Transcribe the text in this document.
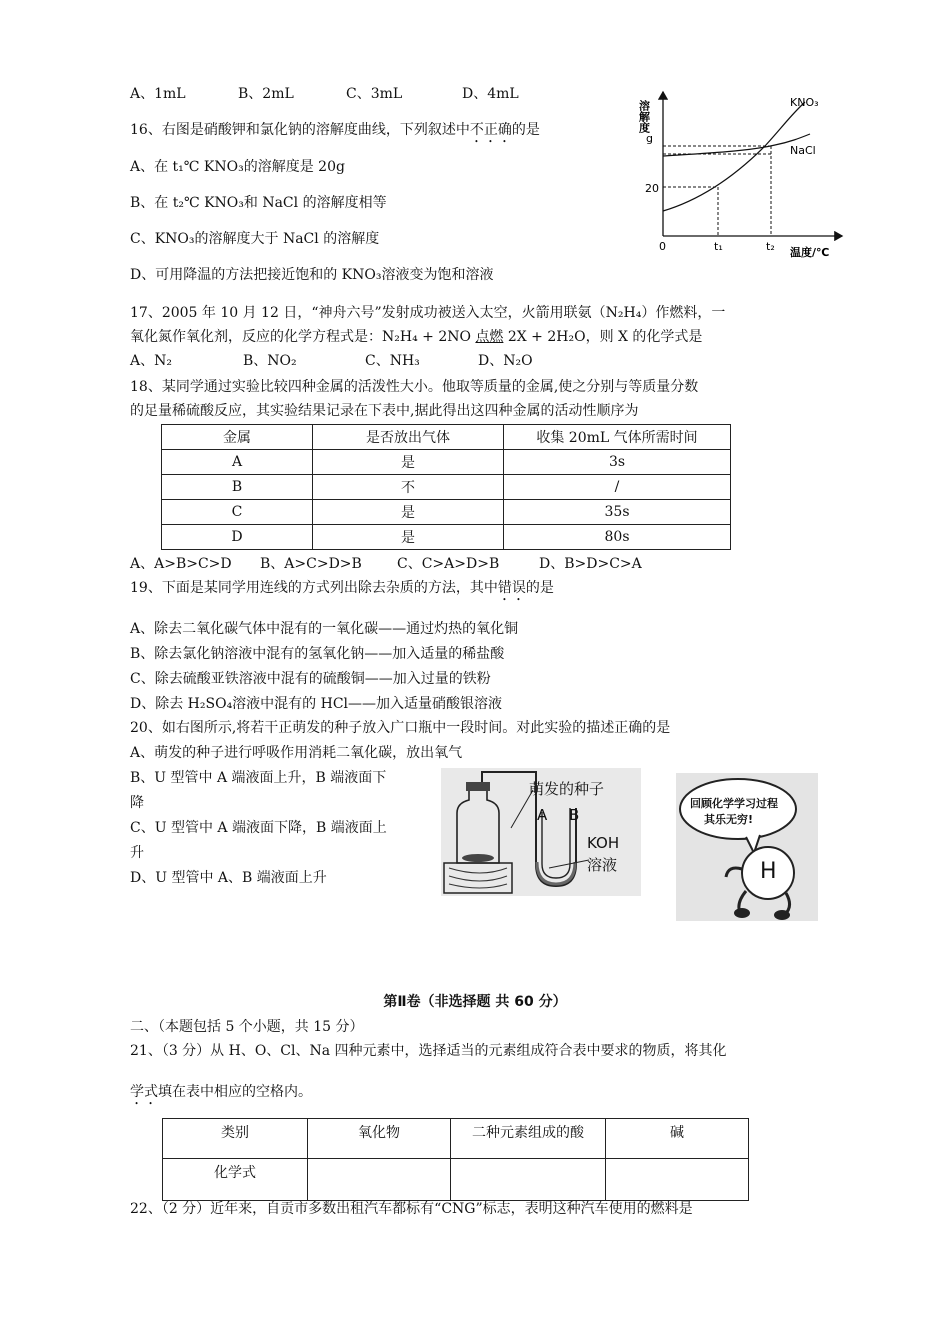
A、1mL	B、2mL	C、3mL	D、4mL
16、右图是硝酸钾和氯化钠的溶解度曲线，下列叙述中不正确的是
A、在 t₁℃ KNO₃的溶解度是 20g
B、在 t₂℃ KNO₃和 NaCl 的溶解度相等
C、KNO₃的溶解度大于 NaCl 的溶解度
D、可用降温的方法把接近饱和的 KNO₃溶液变为饱和溶液
溶解度
g
0
20
t₁	t₂ 温度/℃
KNO₃
NaCl
17、2005 年 10 月 12 日，“神舟六号”发射成功被送入太空，火箭用联氨（N₂H₄）作燃料，一
氧化氮作氧化剂，反应的化学方程式是：N₂H₄ + 2NO 点燃 2X + 2H₂O，则 X 的化学式是
A、N₂	B、NO₂	C、NH₃	D、N₂O
18、某同学通过实验比较四种金属的活泼性大小。他取等质量的金属,使之分别与等质量分数
的足量稀硫酸反应，其实验结果记录在下表中,据此得出这四种金属的活动性顺序为
金属	是否放出气体	收集 20mL 气体所需时间
A	是	3s
B	不	/
C	是	35s
D	是	80s
A、A>B>C>D B、A>C>D>B	C、C>A>D>B	D、B>D>C>A
19、下面是某同学用连线的方式列出除去杂质的方法，其中错误的是
A、除去二氧化碳气体中混有的一氧化碳——通过灼热的氧化铜
B、除去氯化钠溶液中混有的氢氧化钠——加入适量的稀盐酸
C、除去硫酸亚铁溶液中混有的硫酸铜——加入过量的铁粉
D、除去 H₂SO₄溶液中混有的 HCl——加入适量硝酸银溶液
20、如右图所示,将若干正萌发的种子放入广口瓶中一段时间。对此实验的描述正确的是
A、萌发的种子进行呼吸作用消耗二氧化碳，放出氧气
B、U 型管中 A 端液面上升，B 端液面下
降
C、U 型管中 A 端液面下降，B 端液面上
升
D、U 型管中 A、B 端液面上升
萌发的种子
A B
KOH
溶液
回顾化学学习过程
其乐无穷!
H
第Ⅱ卷（非选择题 共 60 分）
二、（本题包括 5 个小题，共 15 分）
21、（3 分）从 H、O、Cl、Na 四种元素中，选择适当的元素组成符合表中要求的物质，将其化
学式填在表中相应的空格内。
类别	氧化物	二种元素组成的酸	碱
化学式			
22、（2 分）近年来，自贡市多数出租汽车都标有“CNG”标志，表明这种汽车使用的燃料是
